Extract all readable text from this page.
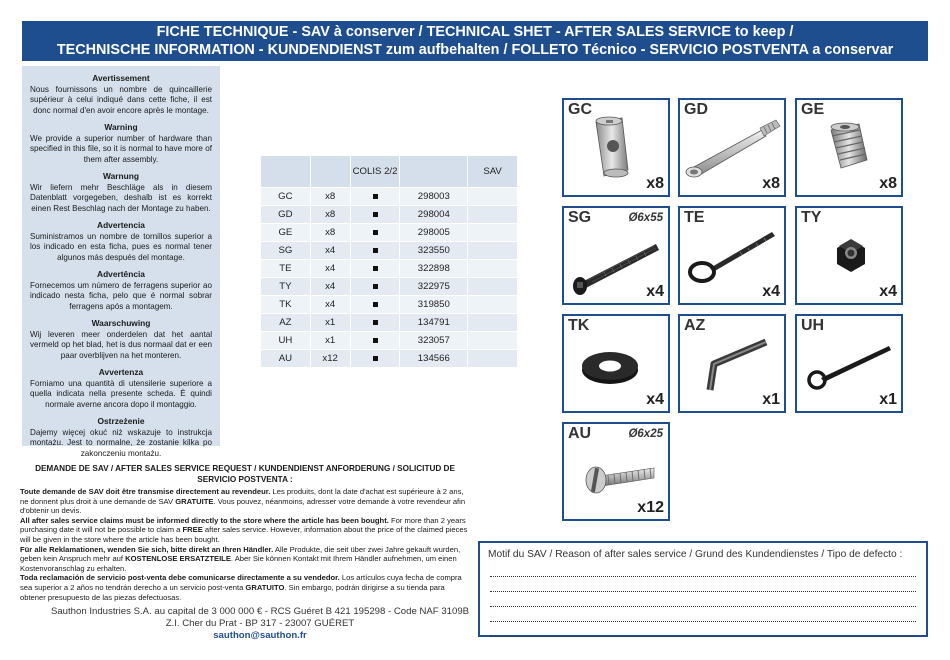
FICHE TECHNIQUE - SAV à conserver / TECHNICAL SHET - AFTER SALES SERVICE to keep /
TECHNISCHE INFORMATION - KUNDENDIENST zum aufbehalten / FOLLETO Técnico - SERVICIO POSTVENTA a conservar
Avertissement
Nous fournissons un nombre de quincaillerie supérieur à celui indiqué dans cette fiche, il est donc normal d'en avoir encore après le montage.
Warning
We provide a superior number of hardware than specified in this file, so it is normal to have more of them after assembly.
Warnung
Wir liefern mehr Beschläge als in diesem Datenblatt vorgegeben, deshalb ist es korrekt einen Rest Beschlag nach der Montage zu haben.
Advertencia
Suministramos un nombre de tornillos superior a los indicado en esta ficha, pues es normal tener algunos más después del montage.
Advertência
Fornecemos um número de ferragens superior ao indicado nesta ficha, pelo que é normal sobrar ferragens após a montagem.
Waarschuwing
Wij leveren meer onderdelen dat het aantal vermeld op het blad, het is dus normaal dat er een paar overblijven na het monteren.
Avvertenza
Forniamo una quantità di utensilerie superiore a quella indicata nella presente scheda. È quindi normale averne ancora dopo il montaggio.
Ostrzeżenie
Dajemy więcej okuć niż wskazuje to instrukcja montażu. Jest to normalne, że zostanie kilka po zakonczeniu montażu.
		COLIS 2/2		SAV
GC	x8		298003	
GD	x8		298004	
GE	x8		298005	
SG	x4		323550	
TE	x4		322898	
TY	x4		322975	
TK	x4		319850	
AZ	x1		134791	
UH	x1		323057	
AU	x12		134566	
GC
x8
GD
x8
GE
x8
SG	Ø6x55
x4
TE
x4
TY
x4
TK
x4
AZ
x1
UH
x1
AU	Ø6x25
x12
DEMANDE DE SAV / AFTER SALES SERVICE REQUEST / KUNDENDIENST ANFORDERUNG / SOLICITUD DE SERVICIO POSTVENTA :
Toute demande de SAV doit être transmise directement au revendeur. Les produits, dont la date d'achat est supérieure à 2 ans, ne donnent plus droit à une demande de SAV GRATUITE. Vous pouvez, néanmoins, adresser votre demande à votre revendeur afin d'obtenir un devis.
All after sales service claims must be informed directly to the store where the article has been bought. For more than 2 years purchasing date it will not be possible to claim a FREE after sales service. However, information about the price of the claimed pieces will be given in the store where the article has been bought.
Für alle Reklamationen, wenden Sie sich, bitte direkt an Ihren Händler. Alle Produkte, die seit über zwei Jahre gekauft wurden, geben kein Anspruch mehr auf KOSTENLOSE ERSATZTEILE. Aber Sie können Kontakt mit Ihrem Händler aufnehmen, um einen Kostenvoranschlag zu erhalten.
Toda reclamación de servicio post-venta debe comunicarse directamente a su vendedor. Los artículos cuya fecha de compra sea superior a 2 años no tendrán derecho a un servicio post-venta GRATUITO. Sin embargo, podrán dirigirse a su tienda para obtener presupuesto de las piezas defectuosas.
Sauthon Industries S.A. au capital de 3 000 000 € - RCS Guéret B 421 195298 - Code NAF 3109B
Z.I. Cher du Prat - BP 317 - 23007 GUÉRET
sauthon@sauthon.fr
Motif du SAV / Reason of after sales service / Grund des Kundendienstes / Tipo de defecto :
